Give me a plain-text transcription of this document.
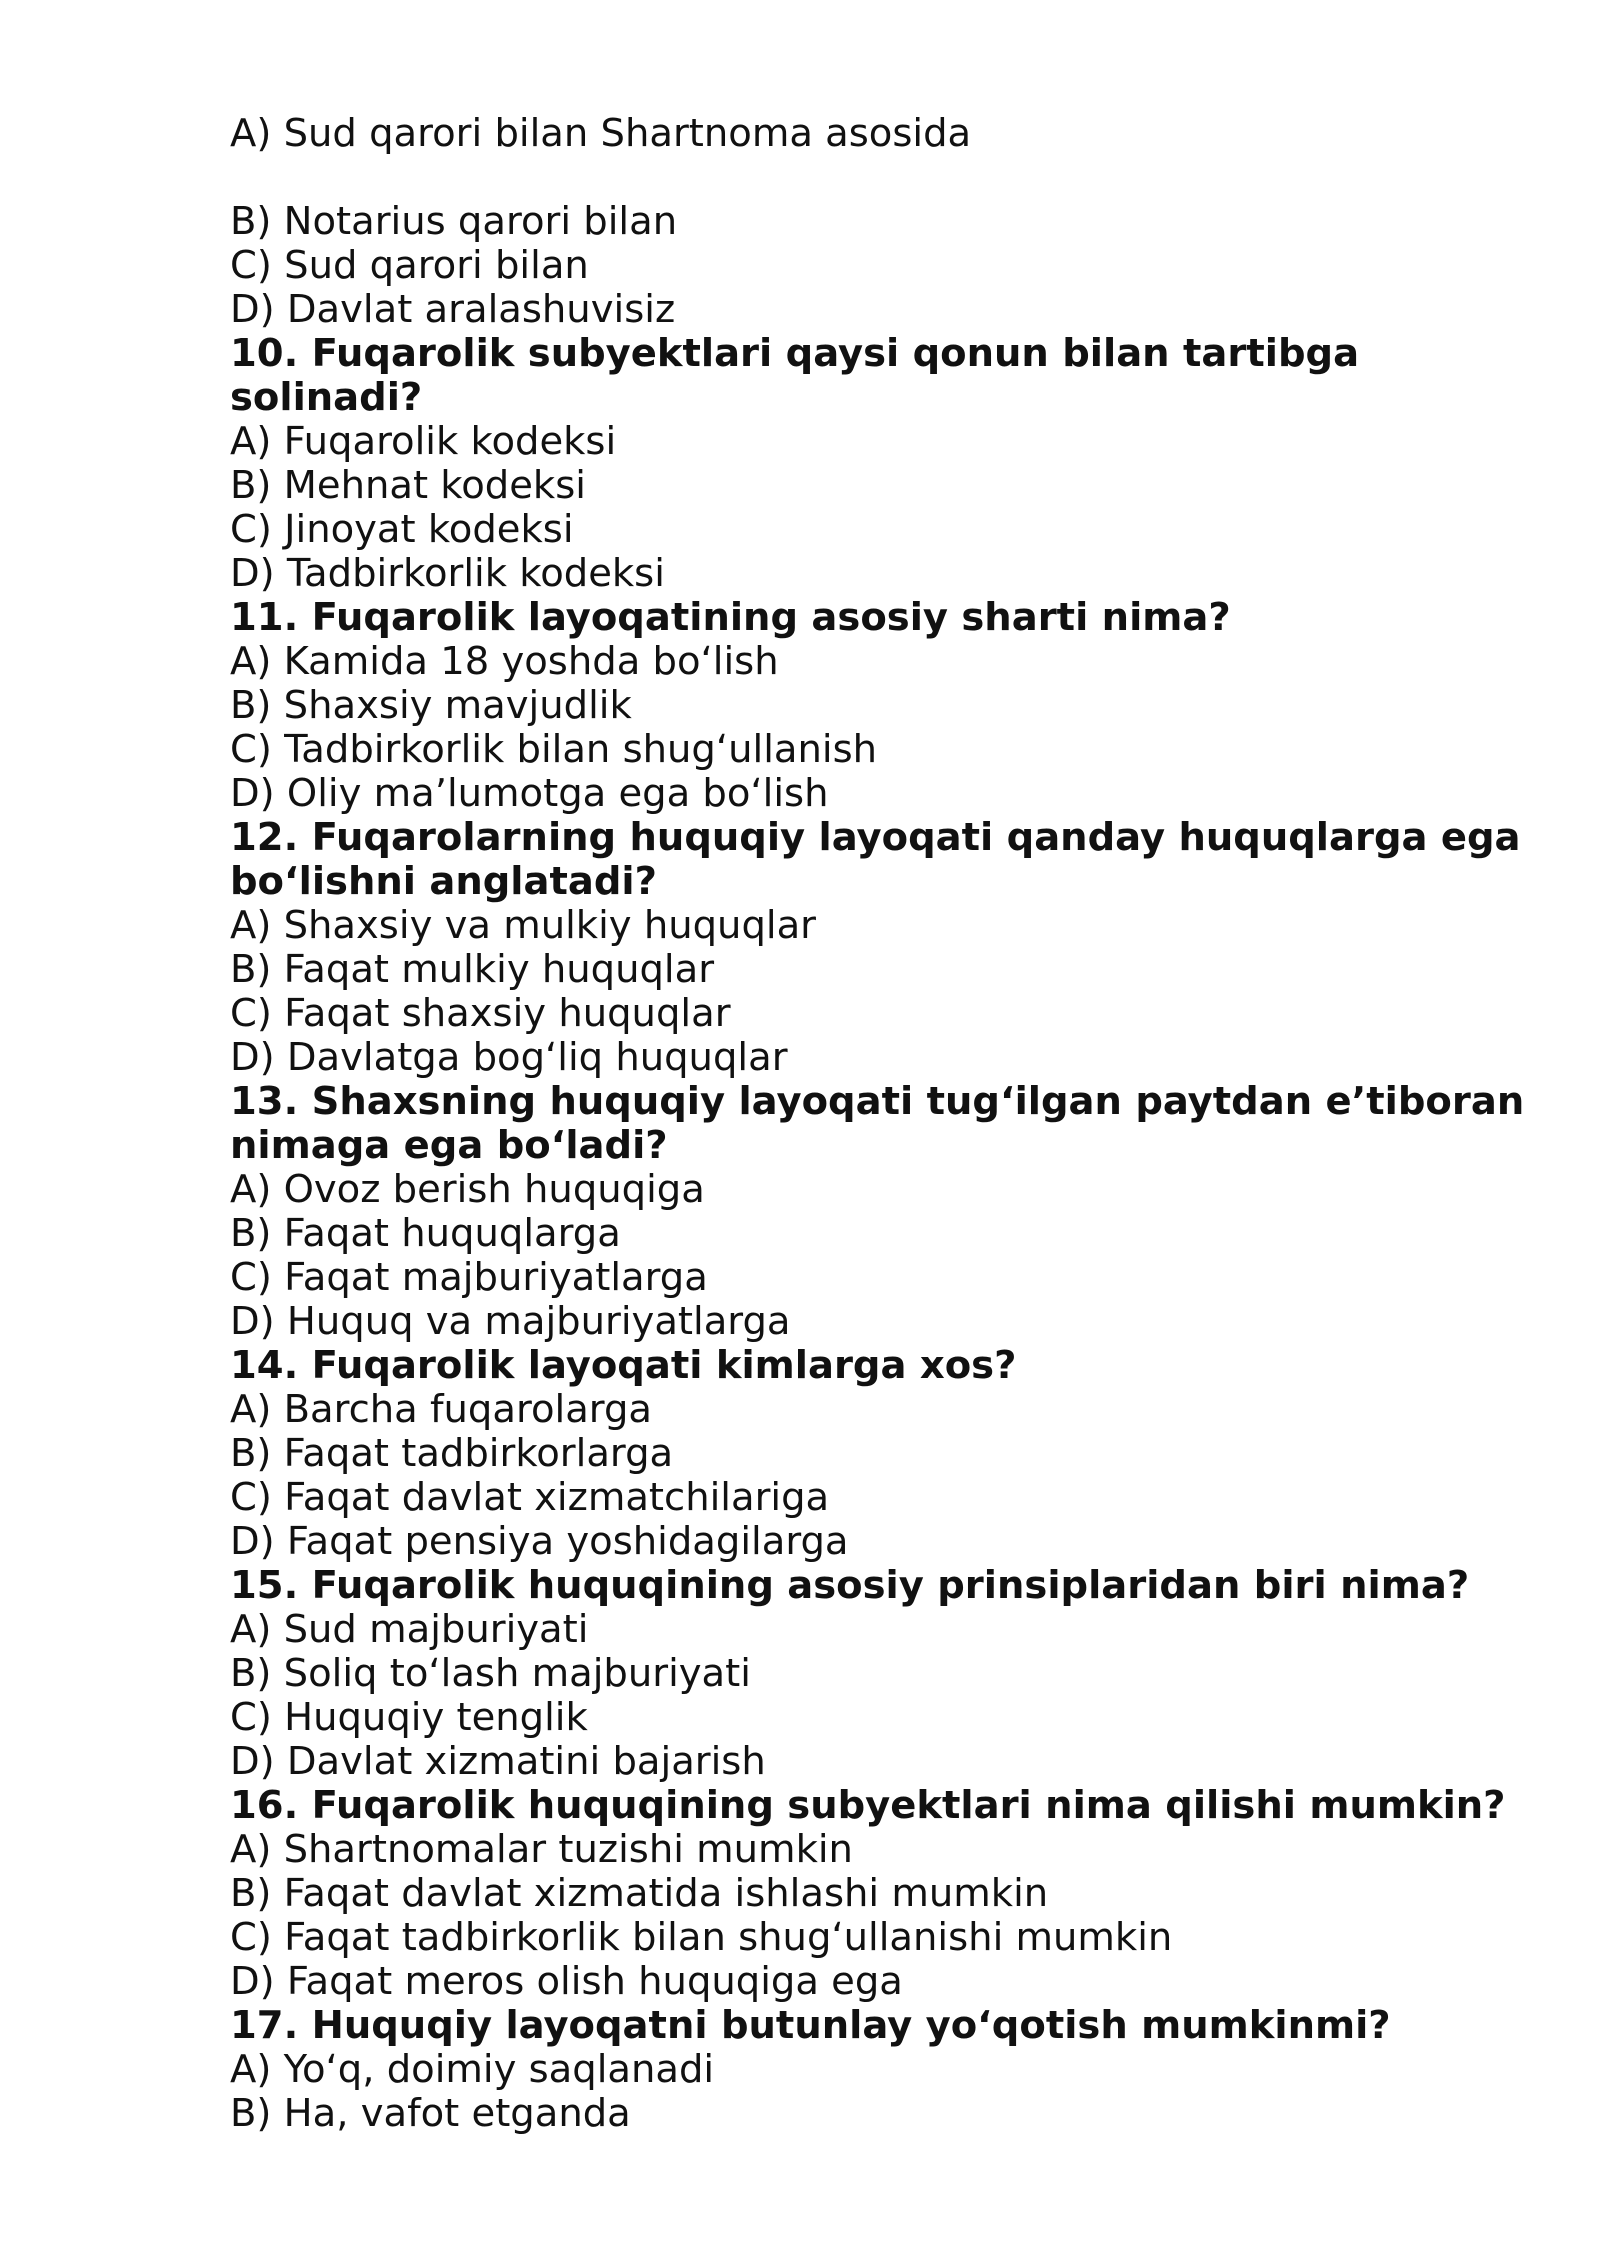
A) Sud qarori bilan Shartnoma asosida

B) Notarius qarori bilan

C) Sud qarori bilan

D) Davlat aralashuvisiz

10. Fuqarolik subyektlari qaysi qonun bilan tartibga solinadi?

A) Fuqarolik kodeksi

B) Mehnat kodeksi

C) Jinoyat kodeksi

D) Tadbirkorlik kodeksi

11. Fuqarolik layoqatining asosiy sharti nima?

A) Kamida 18 yoshda bo‘lish

B) Shaxsiy mavjudlik

C) Tadbirkorlik bilan shug‘ullanish

D) Oliy ma’lumotga ega bo‘lish

12. Fuqarolarning huquqiy layoqati qanday huquqlarga ega bo‘lishni anglatadi?

A) Shaxsiy va mulkiy huquqlar

B) Faqat mulkiy huquqlar

C) Faqat shaxsiy huquqlar

D) Davlatga bog‘liq huquqlar

13. Shaxsning huquqiy layoqati tug‘ilgan paytdan e’tiboran nimaga ega bo‘ladi?

A) Ovoz berish huquqiga

B) Faqat huquqlarga

C) Faqat majburiyatlarga

D) Huquq va majburiyatlarga

14. Fuqarolik layoqati kimlarga xos?

A) Barcha fuqarolarga

B) Faqat tadbirkorlarga

C) Faqat davlat xizmatchilariga

D) Faqat pensiya yoshidagilarga

15. Fuqarolik huquqining asosiy prinsiplaridan biri nima?

A) Sud majburiyati

B) Soliq to‘lash majburiyati

C) Huquqiy tenglik

D) Davlat xizmatini bajarish

16. Fuqarolik huquqining subyektlari nima qilishi mumkin?

A) Shartnomalar tuzishi mumkin

B) Faqat davlat xizmatida ishlashi mumkin

C) Faqat tadbirkorlik bilan shug‘ullanishi mumkin

D) Faqat meros olish huquqiga ega

17. Huquqiy layoqatni butunlay yo‘qotish mumkinmi?

A) Yo‘q, doimiy saqlanadi

B) Ha, vafot etganda
